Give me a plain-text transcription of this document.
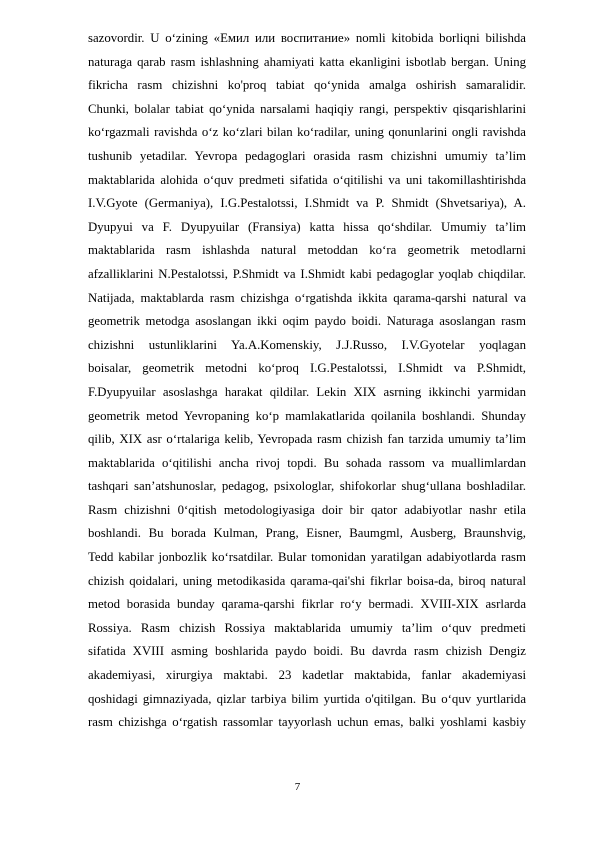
sazovordir. U o‘zining «Емил или воспитание» nomli kitobida borliqni bilishda
naturaga qarab rasm ishlashning ahamiyati katta ekanligini isbotlab bergan. Uning
fikricha rasm chizishni ko'proq tabiat qo‘ynida amalga oshirish samaralidir.
Chunki, bolalar tabiat qo‘ynida narsalami haqiqiy rangi, perspektiv qisqarishlarini
ko‘rgazmali ravishda o‘z ko‘zlari bilan ko‘radilar, uning qonunlarini ongli ravishda
tushunib yetadilar. Yevropa pedagoglari orasida rasm chizishni umumiy ta’lim
maktablarida alohida o‘quv predmeti sifatida o‘qitilishi va uni takomillashtirishda
I.V.Gyote (Germaniya), I.G.Pestalotssi, I.Shmidt va P. Shmidt (Shvetsariya), A.
Dyupyui va F. Dyupyuilar (Fransiya) katta hissa qo‘shdilar. Umumiy ta’lim
maktablarida rasm ishlashda natural metoddan ko‘ra geometrik metodlarni
afzalliklarini N.Pestalotssi, P.Shmidt va I.Shmidt kabi pedagoglar yoqlab chiqdilar.
Natijada, maktablarda rasm chizishga o‘rgatishda ikkita qarama-qarshi natural va
geometrik metodga asoslangan ikki oqim paydo boidi. Naturaga asoslangan rasm
chizishni ustunliklarini Ya.A.Komenskiy, J.J.Russo, I.V.Gyotelar yoqlagan
boisalar, geometrik metodni ko‘proq I.G.Pestalotssi, I.Shmidt va P.Shmidt,
F.Dyupyuilar asoslashga harakat qildilar. Lekin XIX asrning ikkinchi yarmidan
geometrik metod Yevropaning ko‘p mamlakatlarida qoilanila boshlandi. Shunday
qilib, XIX asr o‘rtalariga kelib, Yevropada rasm chizish fan tarzida umumiy ta’lim
maktablarida o‘qitilishi ancha rivoj topdi. Bu sohada rassom va muallimlardan
tashqari san’atshunoslar, pedagog, psixologlar, shifokorlar shug‘ullana boshladilar.
Rasm chizishni 0‘qitish metodologiyasiga doir bir qator adabiyotlar nashr etila
boshlandi. Bu borada Kulman, Prang, Eisner, Baumgml, Ausberg, Braunshvig,
Tedd kabilar jonbozlik ko‘rsatdilar. Bular tomonidan yaratilgan adabiyotlarda rasm
chizish qoidalari, uning metodikasida qarama-qai'shi fikrlar boisa-da, biroq natural
metod borasida bunday qarama-qarshi fikrlar ro‘y bermadi. XVIII-XIX asrlarda
Rossiya. Rasm chizish Rossiya maktablarida umumiy ta’lim o‘quv predmeti
sifatida XVIII asming boshlarida paydo boidi. Bu davrda rasm chizish Dengiz
akademiyasi, xirurgiya maktabi. 23 kadetlar maktabida, fanlar akademiyasi
qoshidagi gimnaziyada, qizlar tarbiya bilim yurtida o'qitilgan. Bu o‘quv yurtlarida
rasm chizishga o‘rgatish rassomlar tayyorlash uchun emas, balki yoshlami kasbiy
7
